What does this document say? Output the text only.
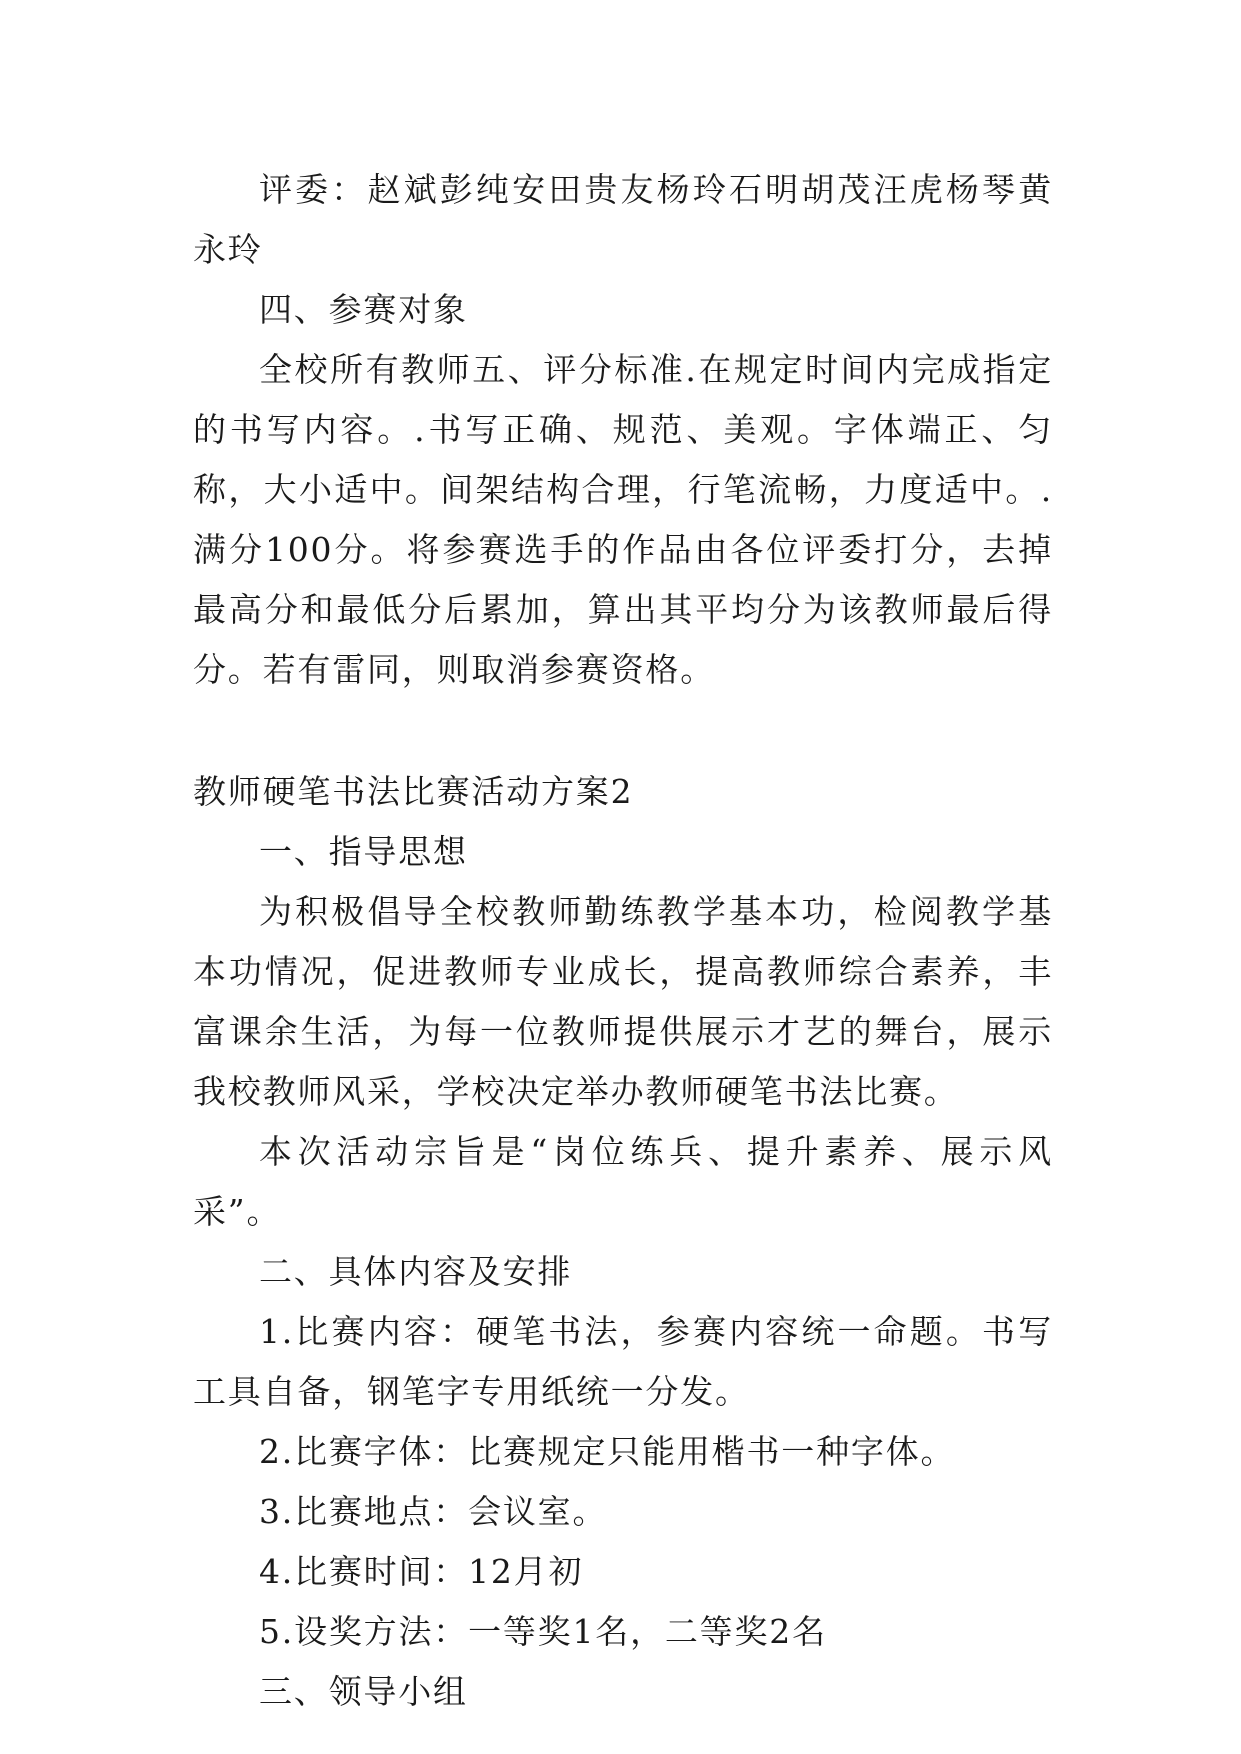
评委：赵斌彭纯安田贵友杨玲石明胡茂汪虎杨琴黄永玲

四、参赛对象

全校所有教师五、评分标准.在规定时间内完成指定的书写内容。.书写正确、规范、美观。字体端正、匀称，大小适中。间架结构合理，行笔流畅，力度适中。.满分100分。将参赛选手的作品由各位评委打分，去掉最高分和最低分后累加，算出其平均分为该教师最后得分。若有雷同，则取消参赛资格。

教师硬笔书法比赛活动方案2

一、指导思想

为积极倡导全校教师勤练教学基本功，检阅教学基本功情况，促进教师专业成长，提高教师综合素养，丰富课余生活，为每一位教师提供展示才艺的舞台，展示我校教师风采，学校决定举办教师硬笔书法比赛。

本次活动宗旨是“岗位练兵、提升素养、展示风采”。

二、具体内容及安排

1.比赛内容：硬笔书法，参赛内容统一命题。书写工具自备，钢笔字专用纸统一分发。

2.比赛字体：比赛规定只能用楷书一种字体。

3.比赛地点：会议室。

4.比赛时间：12月初

5.设奖方法：一等奖1名，二等奖2名

三、领导小组
